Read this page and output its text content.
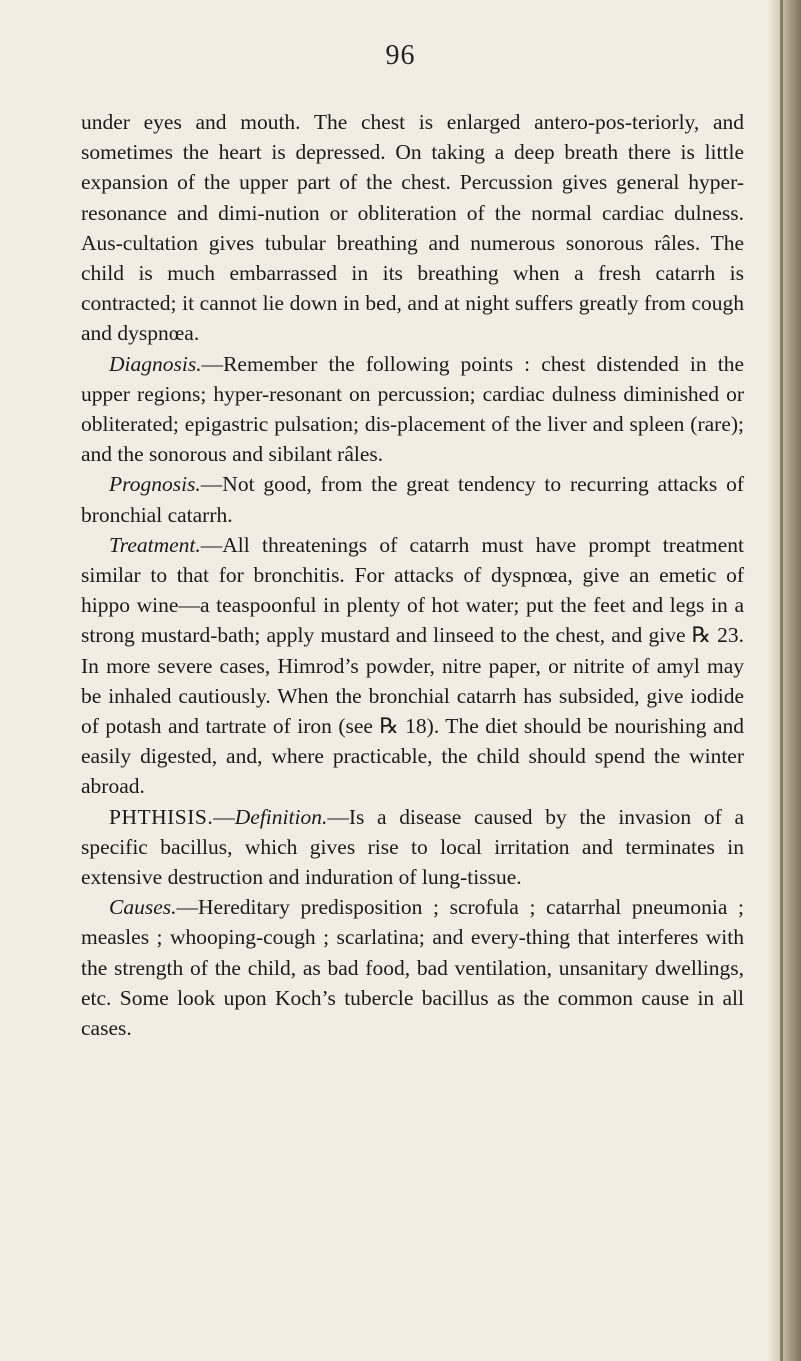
96

under eyes and mouth. The chest is enlarged antero-pos-teriorly, and sometimes the heart is depressed. On taking a deep breath there is little expansion of the upper part of the chest. Percussion gives general hyper-resonance and dimi-nution or obliteration of the normal cardiac dulness. Aus-cultation gives tubular breathing and numerous sonorous râles. The child is much embarrassed in its breathing when a fresh catarrh is contracted; it cannot lie down in bed, and at night suffers greatly from cough and dyspnœa.

Diagnosis.—Remember the following points : chest distended in the upper regions; hyper-resonant on percussion; cardiac dulness diminished or obliterated; epigastric pulsation; dis-placement of the liver and spleen (rare); and the sonorous and sibilant râles.

Prognosis.—Not good, from the great tendency to recurring attacks of bronchial catarrh.

Treatment.—All threatenings of catarrh must have prompt treatment similar to that for bronchitis. For attacks of dyspnœa, give an emetic of hippo wine—a teaspoonful in plenty of hot water; put the feet and legs in a strong mustard-bath; apply mustard and linseed to the chest, and give ℞ 23. In more severe cases, Himrod’s powder, nitre paper, or nitrite of amyl may be inhaled cautiously. When the bronchial catarrh has subsided, give iodide of potash and tartrate of iron (see ℞ 18). The diet should be nourishing and easily digested, and, where practicable, the child should spend the winter abroad.

PHTHISIS.—Definition.—Is a disease caused by the invasion of a specific bacillus, which gives rise to local irritation and terminates in extensive destruction and induration of lung-tissue.

Causes.—Hereditary predisposition ; scrofula ; catarrhal pneumonia ; measles ; whooping-cough ; scarlatina; and every-thing that interferes with the strength of the child, as bad food, bad ventilation, unsanitary dwellings, etc. Some look upon Koch’s tubercle bacillus as the common cause in all cases.
